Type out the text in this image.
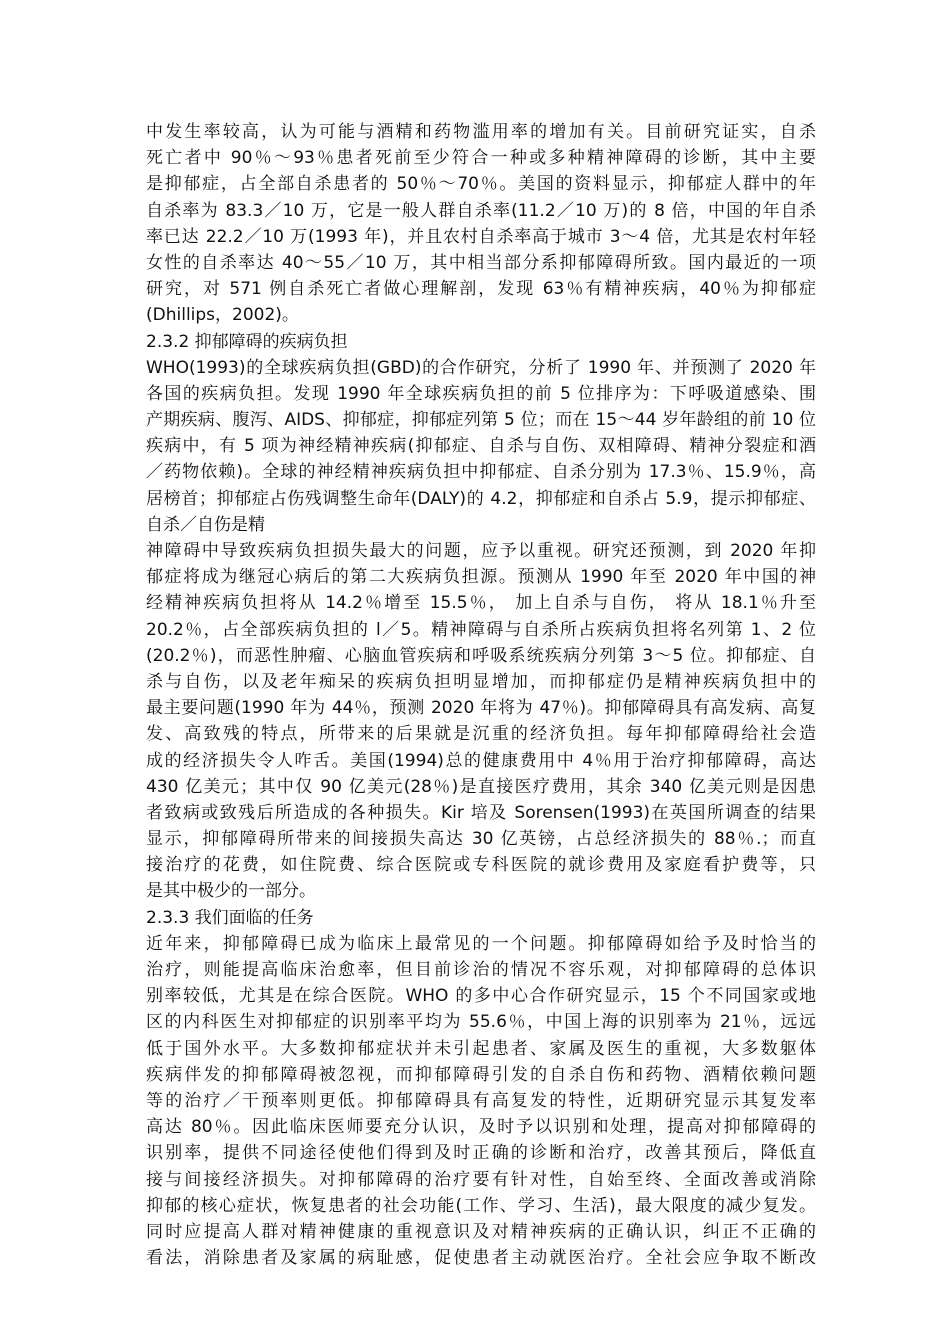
中发生率较高，认为可能与酒精和药物滥用率的增加有关。目前研究证实，自杀
死亡者中 90％～93％患者死前至少符合一种或多种精神障碍的诊断，其中主要
是抑郁症，占全部自杀患者的 50％～70％。美国的资料显示，抑郁症人群中的年
自杀率为 83.3／10 万，它是一般人群自杀率(11.2／10 万)的 8 倍，中国的年自杀
率已达 22.2／10 万(1993 年)，并且农村自杀率高于城市 3～4 倍，尤其是农村年轻
女性的自杀率达 40～55／10 万，其中相当部分系抑郁障碍所致。国内最近的一项
研究，对 571 例自杀死亡者做心理解剖，发现 63％有精神疾病，40％为抑郁症
(Dhillips，2002)。
2.3.2 抑郁障碍的疾病负担
WHO(1993)的全球疾病负担(GBD)的合作研究，分析了 1990 年、并预测了 2020 年
各国的疾病负担。发现 1990 年全球疾病负担的前 5 位排序为：下呼吸道感染、围
产期疾病、腹泻、AIDS、抑郁症，抑郁症列第 5 位；而在 15～44 岁年龄组的前 10 位
疾病中，有 5 项为神经精神疾病(抑郁症、自杀与自伤、双相障碍、精神分裂症和酒
／药物依赖)。全球的神经精神疾病负担中抑郁症、自杀分别为 17.3％、15.9％，高
居榜首；抑郁症占伤残调整生命年(DALY)的 4.2，抑郁症和自杀占 5.9，提示抑郁症、
自杀／自伤是精
神障碍中导致疾病负担损失最大的问题，应予以重视。研究还预测，到 2020 年抑
郁症将成为继冠心病后的第二大疾病负担源。预测从 1990 年至 2020 年中国的神
经精神疾病负担将从 14.2％增至 15.5％， 加上自杀与自伤， 将从 18.1％升至
20.2％，占全部疾病负担的 l／5。精神障碍与自杀所占疾病负担将名列第 1、2 位
(20.2％)，而恶性肿瘤、心脑血管疾病和呼吸系统疾病分列第 3～5 位。抑郁症、自
杀与自伤，以及老年痴呆的疾病负担明显增加，而抑郁症仍是精神疾病负担中的
最主要问题(1990 年为 44％，预测 2020 年将为 47％)。抑郁障碍具有高发病、高复
发、高致残的特点，所带来的后果就是沉重的经济负担。每年抑郁障碍给社会造
成的经济损失令人咋舌。美国(1994)总的健康费用中 4％用于治疗抑郁障碍，高达
430 亿美元；其中仅 90 亿美元(28％)是直接医疗费用，其余 340 亿美元则是因患
者致病或致残后所造成的各种损失。Kir 培及 Sorensen(1993)在英国所调查的结果
显示，抑郁障碍所带来的间接损失高达 30 亿英镑，占总经济损失的 88％.；而直
接治疗的花费，如住院费、综合医院或专科医院的就诊费用及家庭看护费等，只
是其中极少的一部分。
2.3.3 我们面临的任务
近年来，抑郁障碍已成为临床上最常见的一个问题。抑郁障碍如给予及时恰当的
治疗，则能提高临床治愈率，但目前诊治的情况不容乐观，对抑郁障碍的总体识
别率较低，尤其是在综合医院。WHO 的多中心合作研究显示，15 个不同国家或地
区的内科医生对抑郁症的识别率平均为 55.6％，中国上海的识别率为 21％，远远
低于国外水平。大多数抑郁症状并未引起患者、家属及医生的重视，大多数躯体
疾病伴发的抑郁障碍被忽视，而抑郁障碍引发的自杀自伤和药物、酒精依赖问题
等的治疗／干预率则更低。抑郁障碍具有高复发的特性，近期研究显示其复发率
高达 80％。因此临床医师要充分认识，及时予以识别和处理，提高对抑郁障碍的
识别率，提供不同途径使他们得到及时正确的诊断和治疗，改善其预后，降低直
接与间接经济损失。对抑郁障碍的治疗要有针对性，自始至终、全面改善或消除
抑郁的核心症状，恢复患者的社会功能(工作、学习、生活)，最大限度的减少复发。
同时应提高人群对精神健康的重视意识及对精神疾病的正确认识，纠正不正确的
看法，消除患者及家属的病耻感，促使患者主动就医治疗。全社会应争取不断改
